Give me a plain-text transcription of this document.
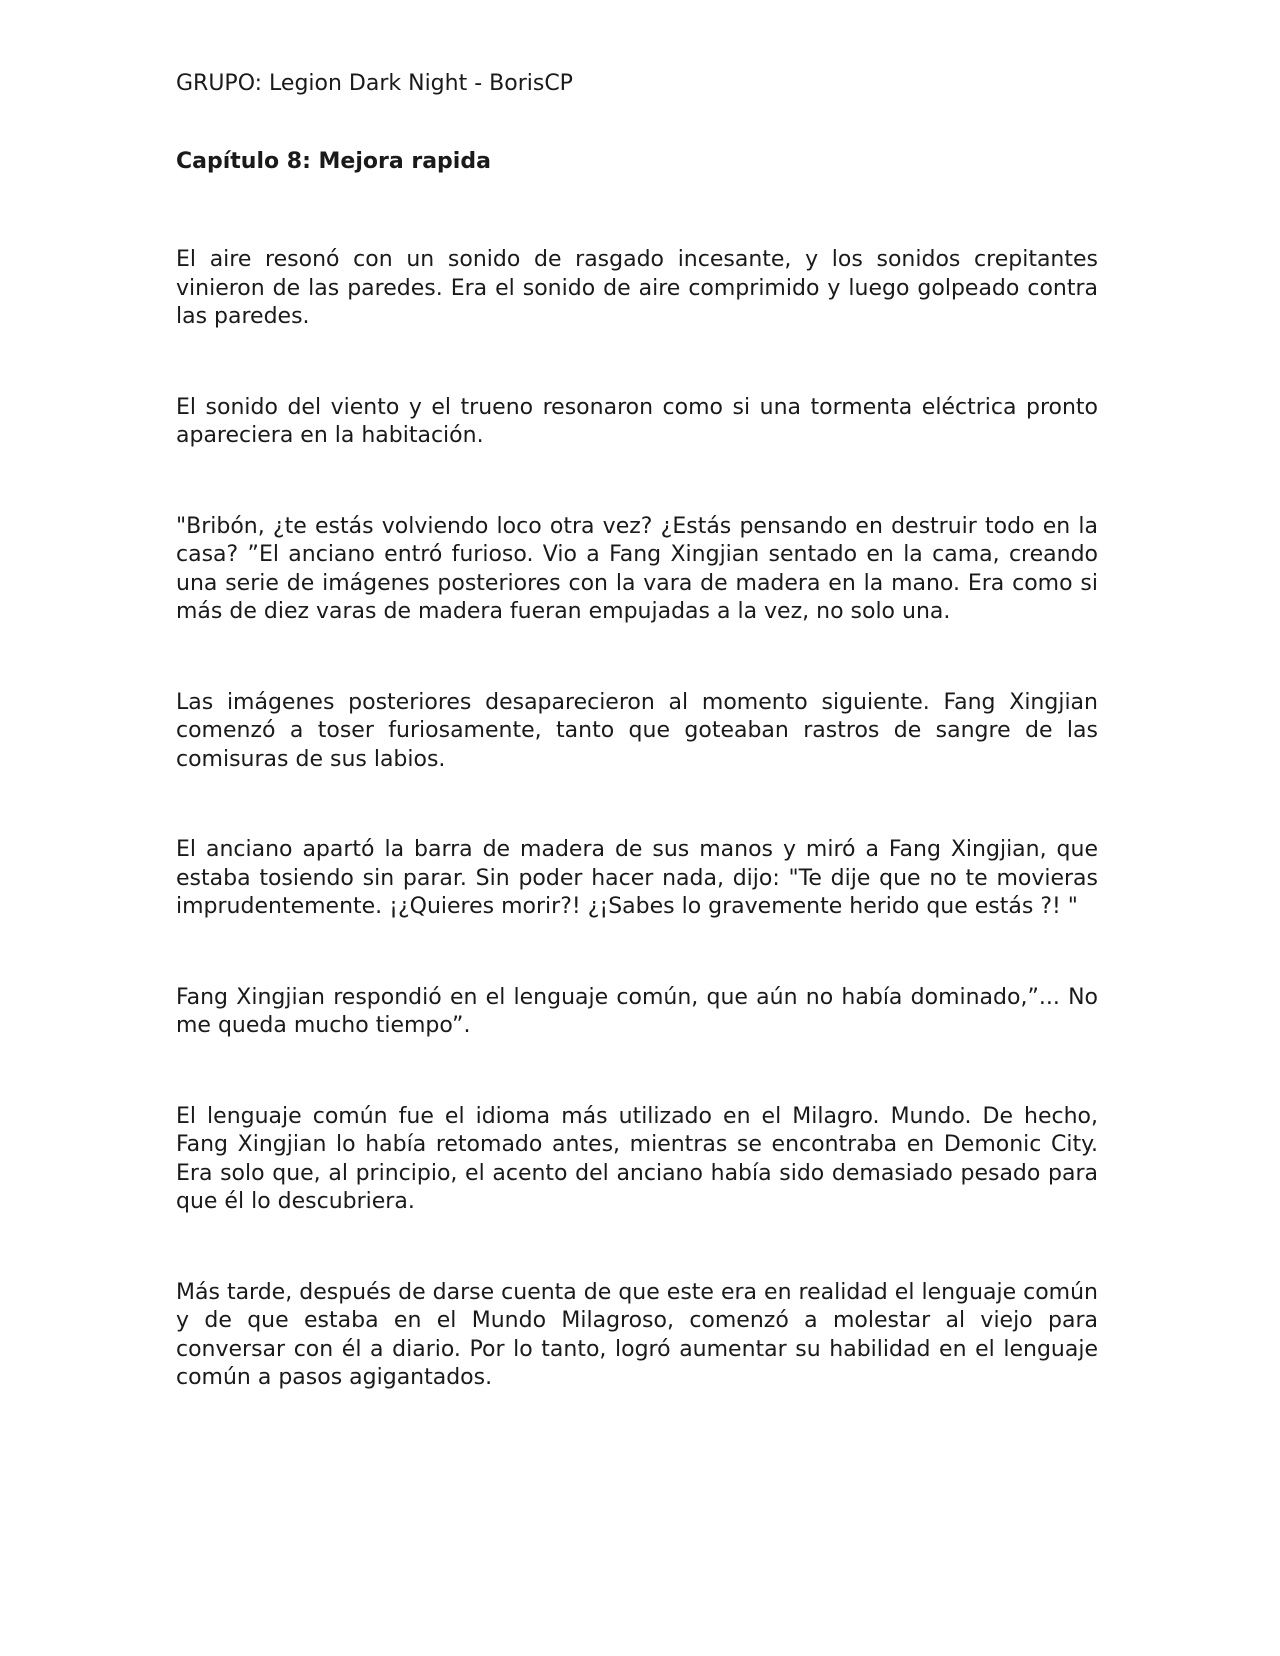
GRUPO: Legion Dark Night - BorisCP
Capítulo 8: Mejora rapida

El aire resonó con un sonido de rasgado incesante, y los sonidos crepitantes vinieron de las paredes. Era el sonido de aire comprimido y luego golpeado contra las paredes.

El sonido del viento y el trueno resonaron como si una tormenta eléctrica pronto apareciera en la habitación.

"Bribón, ¿te estás volviendo loco otra vez? ¿Estás pensando en destruir todo en la casa? ”El anciano entró furioso. Vio a Fang Xingjian sentado en la cama, creando una serie de imágenes posteriores con la vara de madera en la mano. Era como si más de diez varas de madera fueran empujadas a la vez, no solo una.

Las imágenes posteriores desaparecieron al momento siguiente. Fang Xingjian comenzó a toser furiosamente, tanto que goteaban rastros de sangre de las comisuras de sus labios.

El anciano apartó la barra de madera de sus manos y miró a Fang Xingjian, que estaba tosiendo sin parar. Sin poder hacer nada, dijo: "Te dije que no te movieras imprudentemente. ¡¿Quieres morir?! ¿¡Sabes lo gravemente herido que estás ?! "

Fang Xingjian respondió en el lenguaje común, que aún no había dominado,”... No me queda mucho tiempo”.

El lenguaje común fue el idioma más utilizado en el Milagro. Mundo. De hecho, Fang Xingjian lo había retomado antes, mientras se encontraba en Demonic City. Era solo que, al principio, el acento del anciano había sido demasiado pesado para que él lo descubriera.

Más tarde, después de darse cuenta de que este era en realidad el lenguaje común y de que estaba en el Mundo Milagroso, comenzó a molestar al viejo para conversar con él a diario. Por lo tanto, logró aumentar su habilidad en el lenguaje común a pasos agigantados.
